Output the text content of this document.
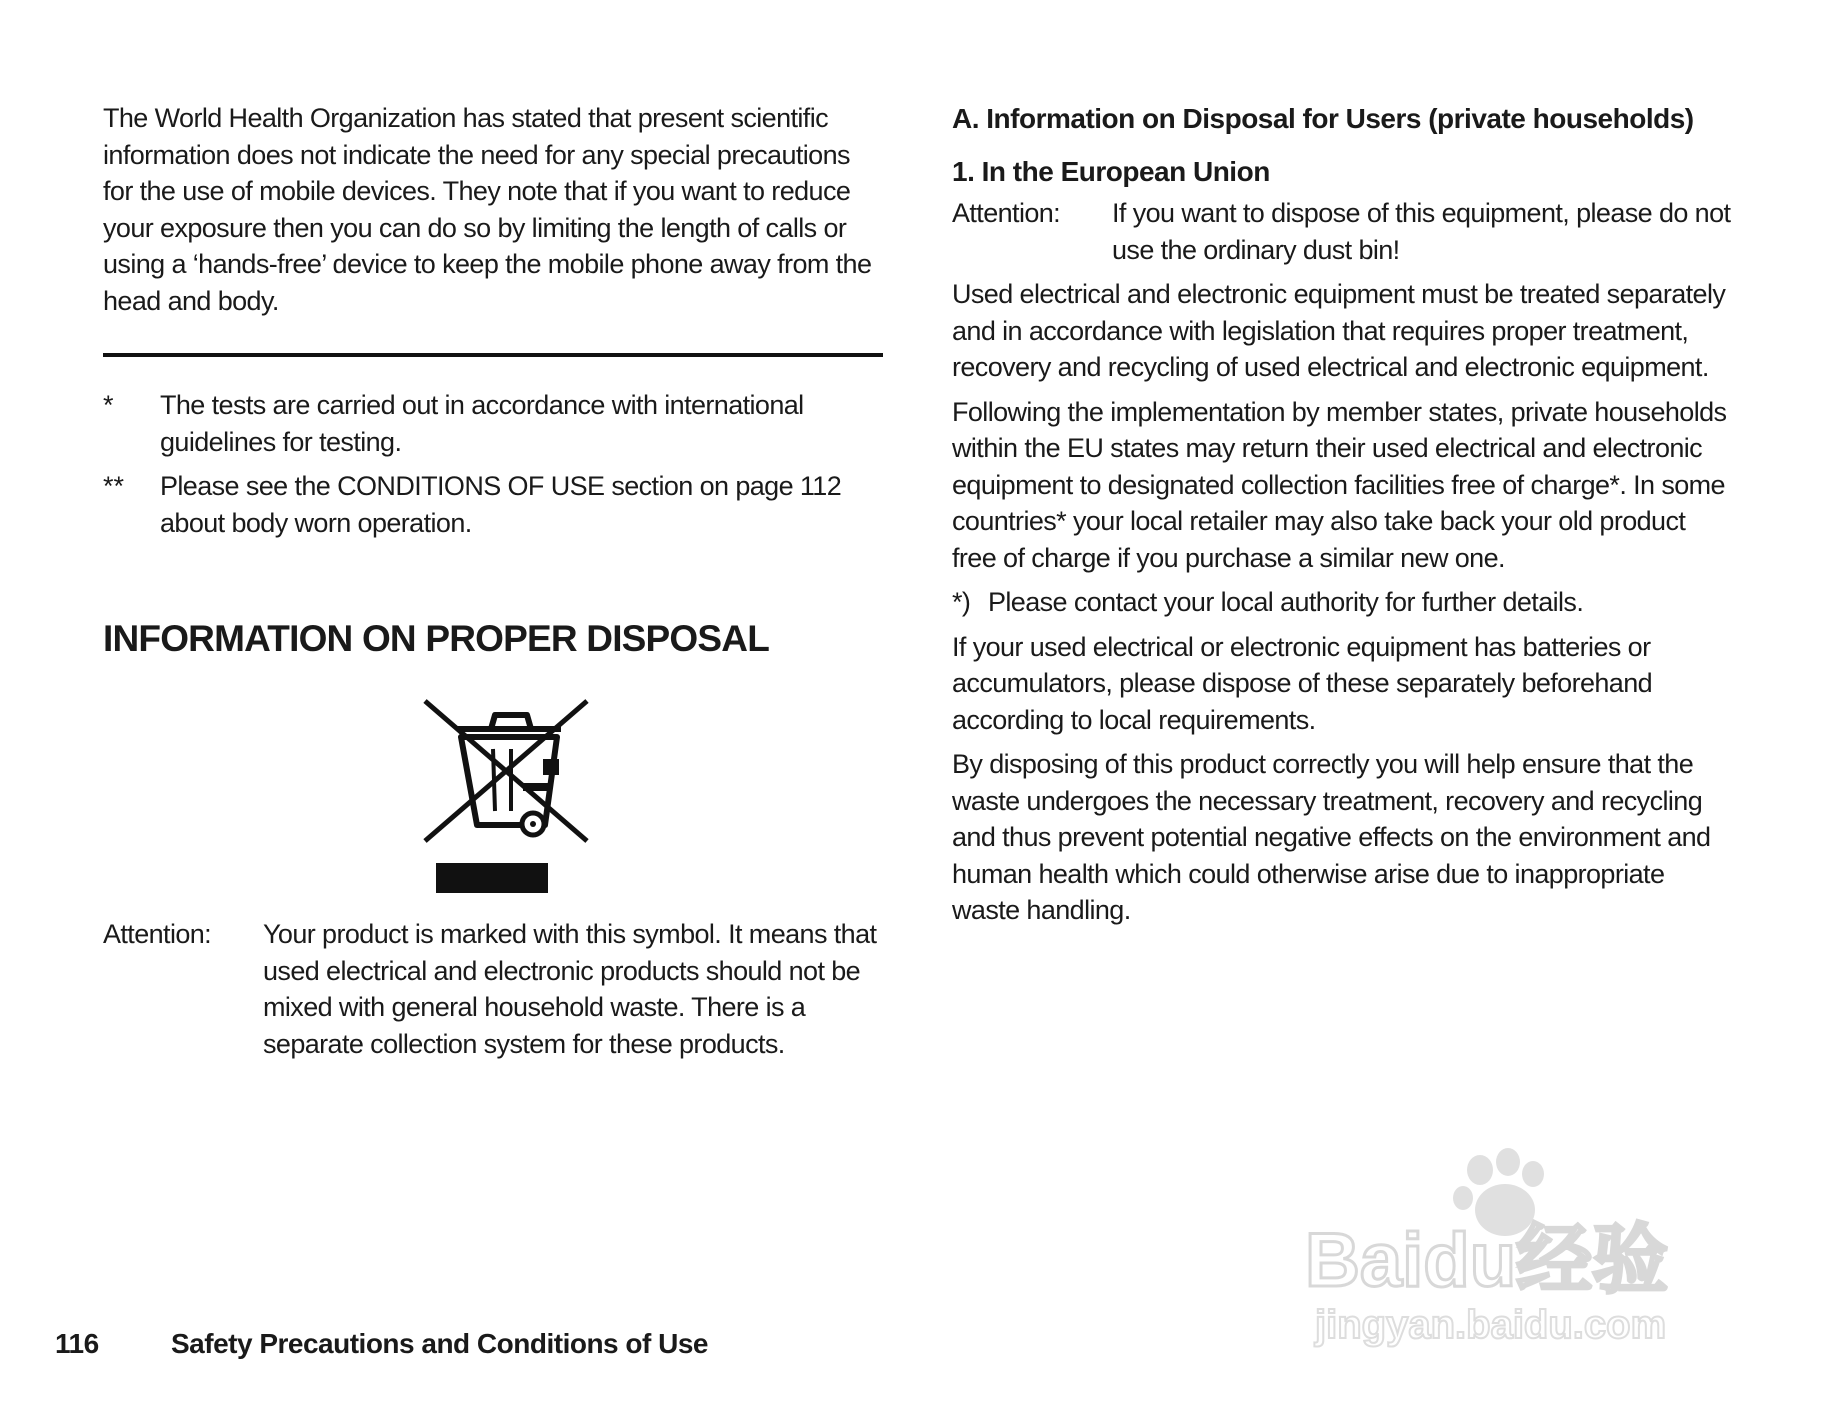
The World Health Organization has stated that present scientific information does not indicate the need for any special precautions for the use of mobile devices. They note that if you want to reduce your exposure then you can do so by limiting the length of calls or using a ‘hands-free’ device to keep the mobile phone away from the head and body.

*	The tests are carried out in accordance with international guidelines for testing.
**	Please see the CONDITIONS OF USE section on page 112 about body worn operation.
INFORMATION ON PROPER DISPOSAL
Attention:	Your product is marked with this symbol. It means that used electrical and electronic products should not be mixed with general household waste. There is a separate collection system for these products.
A. Information on Disposal for Users (private households)
1. In the European Union
Attention:	If you want to dispose of this equipment, please do not use the ordinary dust bin!

Used electrical and electronic equipment must be treated separately and in accordance with legislation that requires proper treatment, recovery and recycling of used electrical and electronic equipment.

Following the implementation by member states, private households within the EU states may return their used electrical and electronic equipment to designated collection facilities free of charge*. In some countries* your local retailer may also take back your old product free of charge if you purchase a similar new one.

*) Please contact your local authority for further details.

If your used electrical or electronic equipment has batteries or accumulators, please dispose of these separately beforehand according to local requirements.

By disposing of this product correctly you will help ensure that the waste undergoes the necessary treatment, recovery and recycling and thus prevent potential negative effects on the environment and human health which could otherwise arise due to inappropriate waste handling.

Baidu经验
jingyan.baidu.com
116	Safety Precautions and Conditions of Use
